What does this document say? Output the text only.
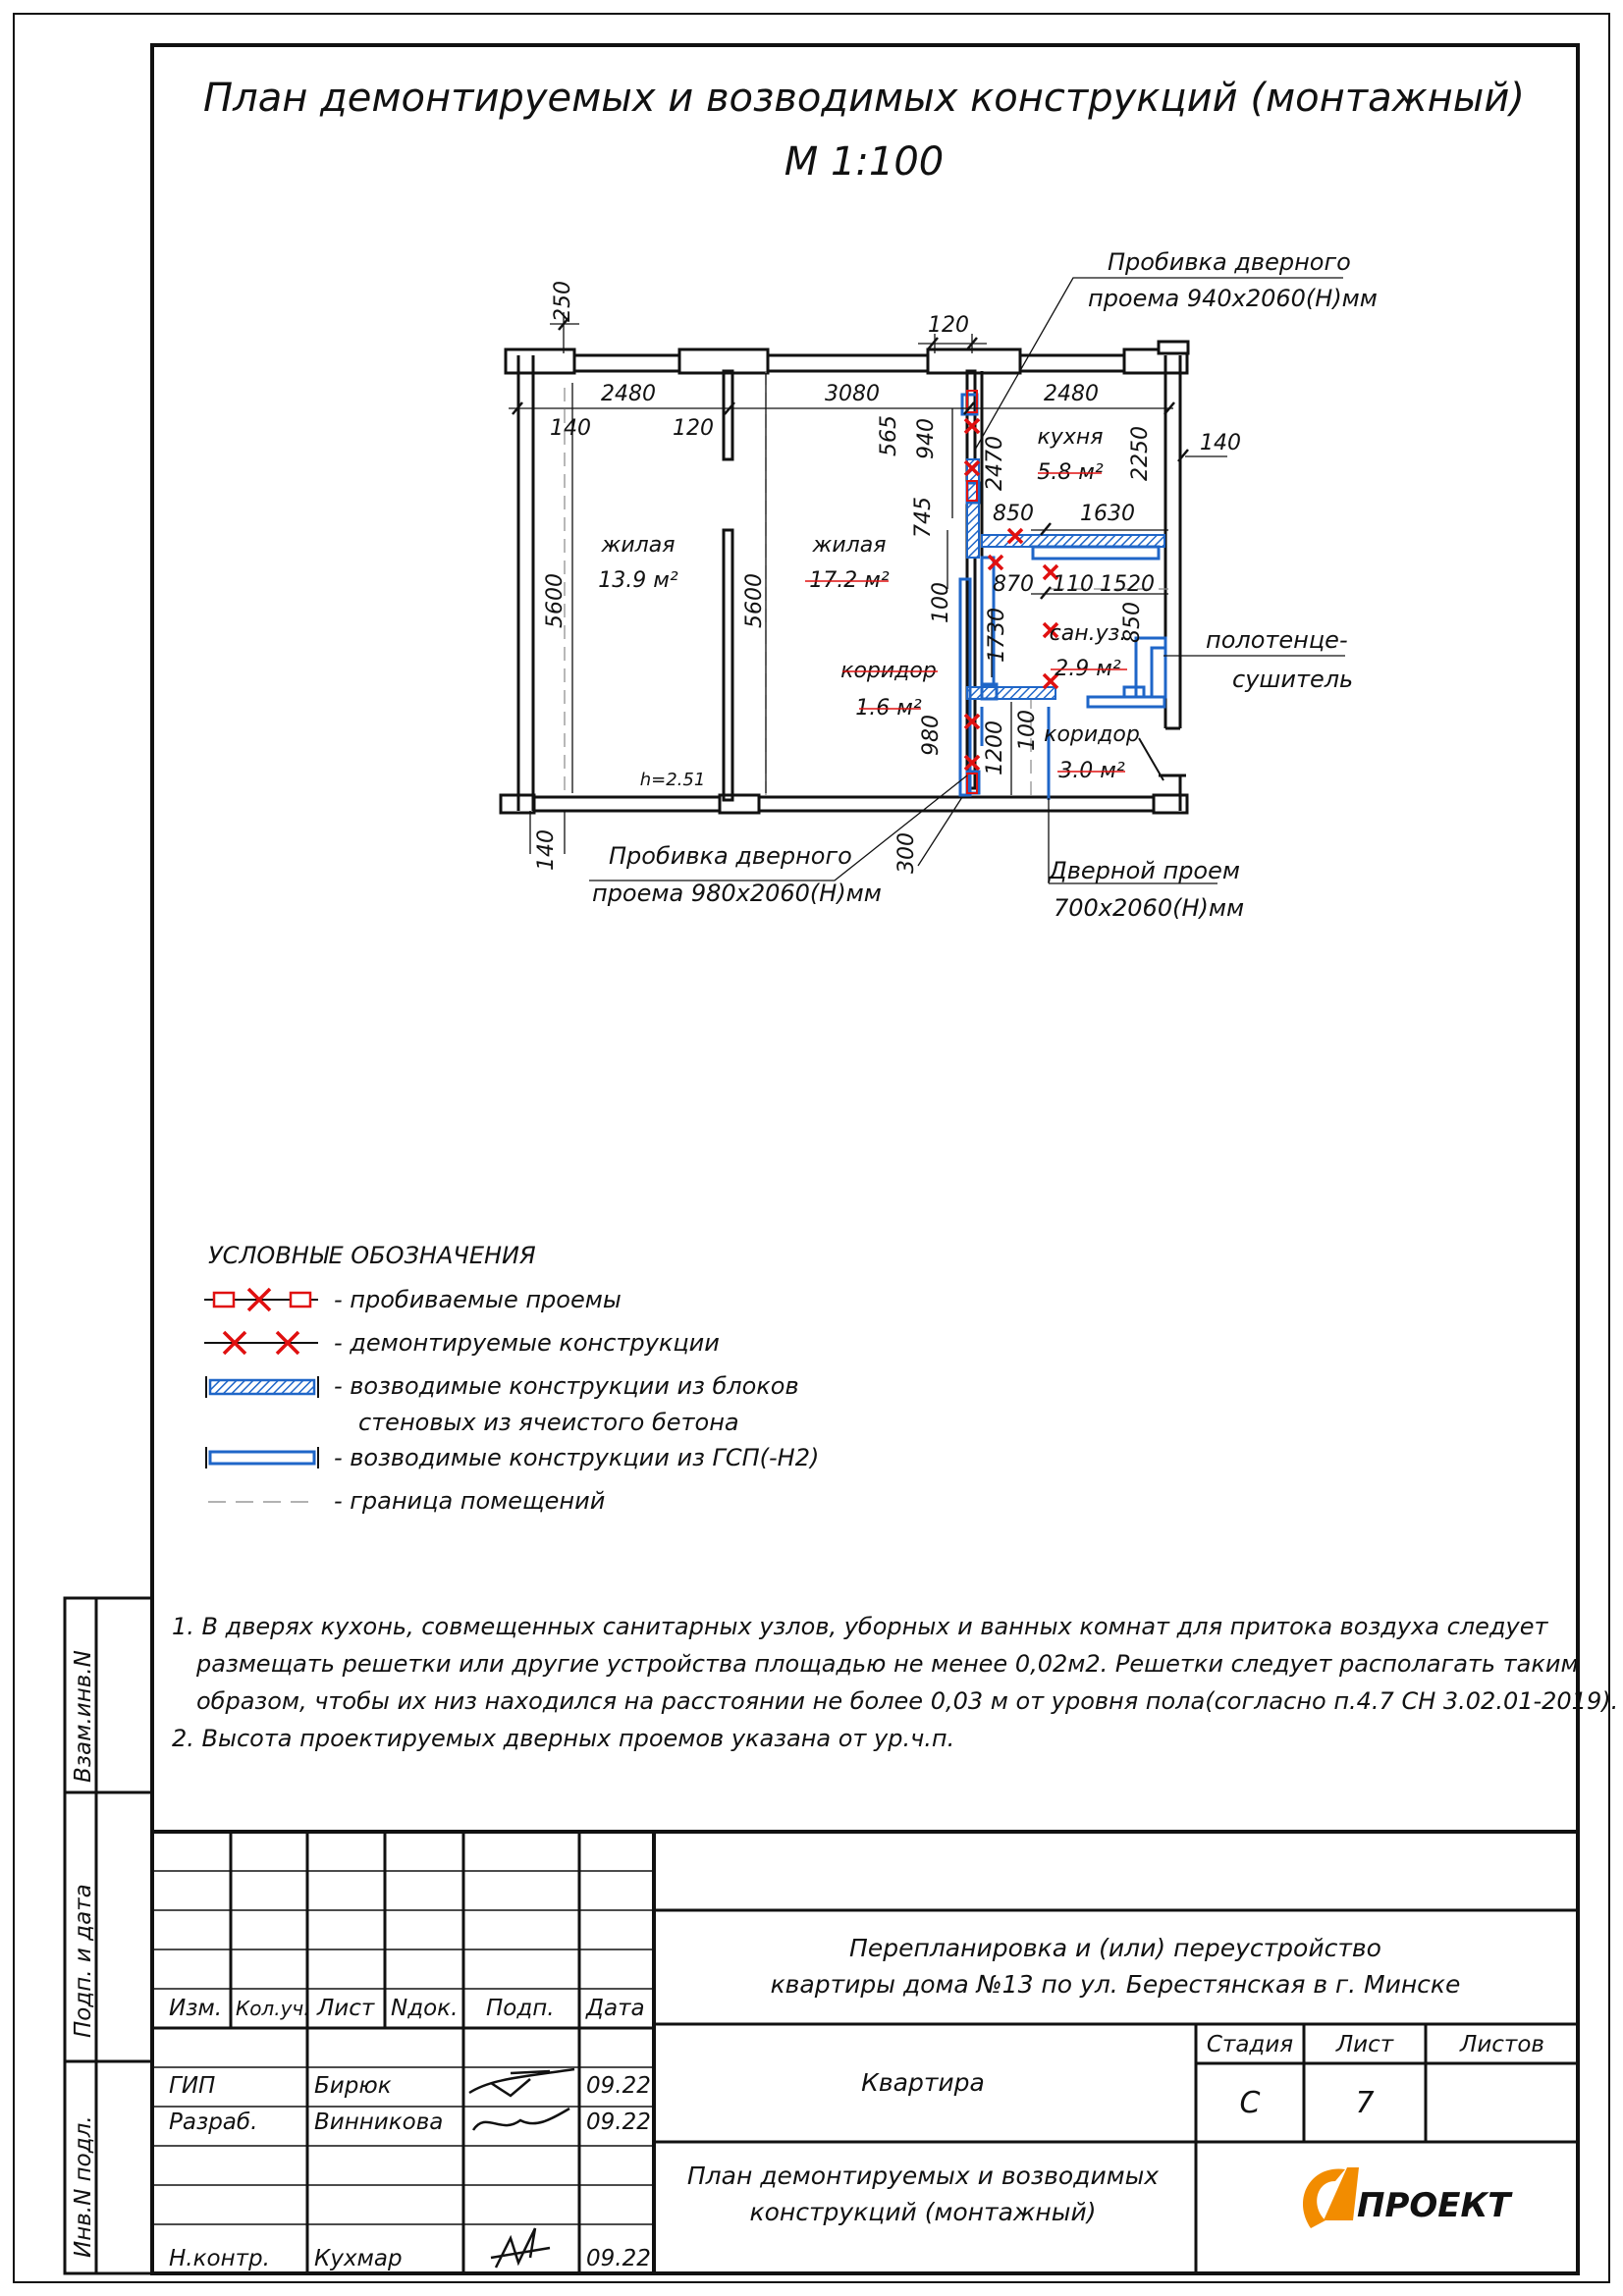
План демонтируемых и возводимых конструкций (монтажный)
М 1:100
250
2480	3080	2480
120
120
140
140
140
5600	5600
565 940
745
2470	2250
850 1630
870 110 1520
100
1730	850
980 1200 100
300
жилая
13.9 м²
жилая
17.2 м²
кухня
5.8 м²
сан.уз.
2.9 м²
коридор
1.6 м²
коридор
3.0 м²
h=2.51
Пробивка дверного
проема 940х2060(Н)мм
Пробивка дверного
проема 980х2060(Н)мм
Дверной проем
700х2060(Н)мм
полотенце-
сушитель
УСЛОВНЫЕ ОБОЗНАЧЕНИЯ
- пробиваемые проемы
- демонтируемые конструкции
- возводимые конструкции из блоков
стеновых из ячеистого бетона
- возводимые конструкции из ГСП(-Н2)
- граница помещений
1. В дверях кухонь, совмещенных санитарных узлов, уборных и ванных комнат для притока воздуха следует
размещать решетки или другие устройства площадью не менее 0,02м2. Решетки следует располагать таким
образом, чтобы их низ находился на расстоянии не более 0,03 м от уровня пола(согласно п.4.7 СН 3.02.01-2019).
2. Высота проектируемых дверных проемов указана от ур.ч.п.
Взам.инв.N
Подп. и дата
Инв.N подл.
Изм. Кол.уч. Лист Nдок. Подп. Дата
ГИП	Бирюк	09.22
Разраб.	Винникова	09.22
Н.контр. Кухмар	09.22
Перепланировка и (или) переустройство
квартиры дома №13 по ул. Берестянская в г. Минске
Квартира
План демонтируемых и возводимых
конструкций (монтажный)
Стадия Лист	Листов
С	7
ПРОЕКТ
